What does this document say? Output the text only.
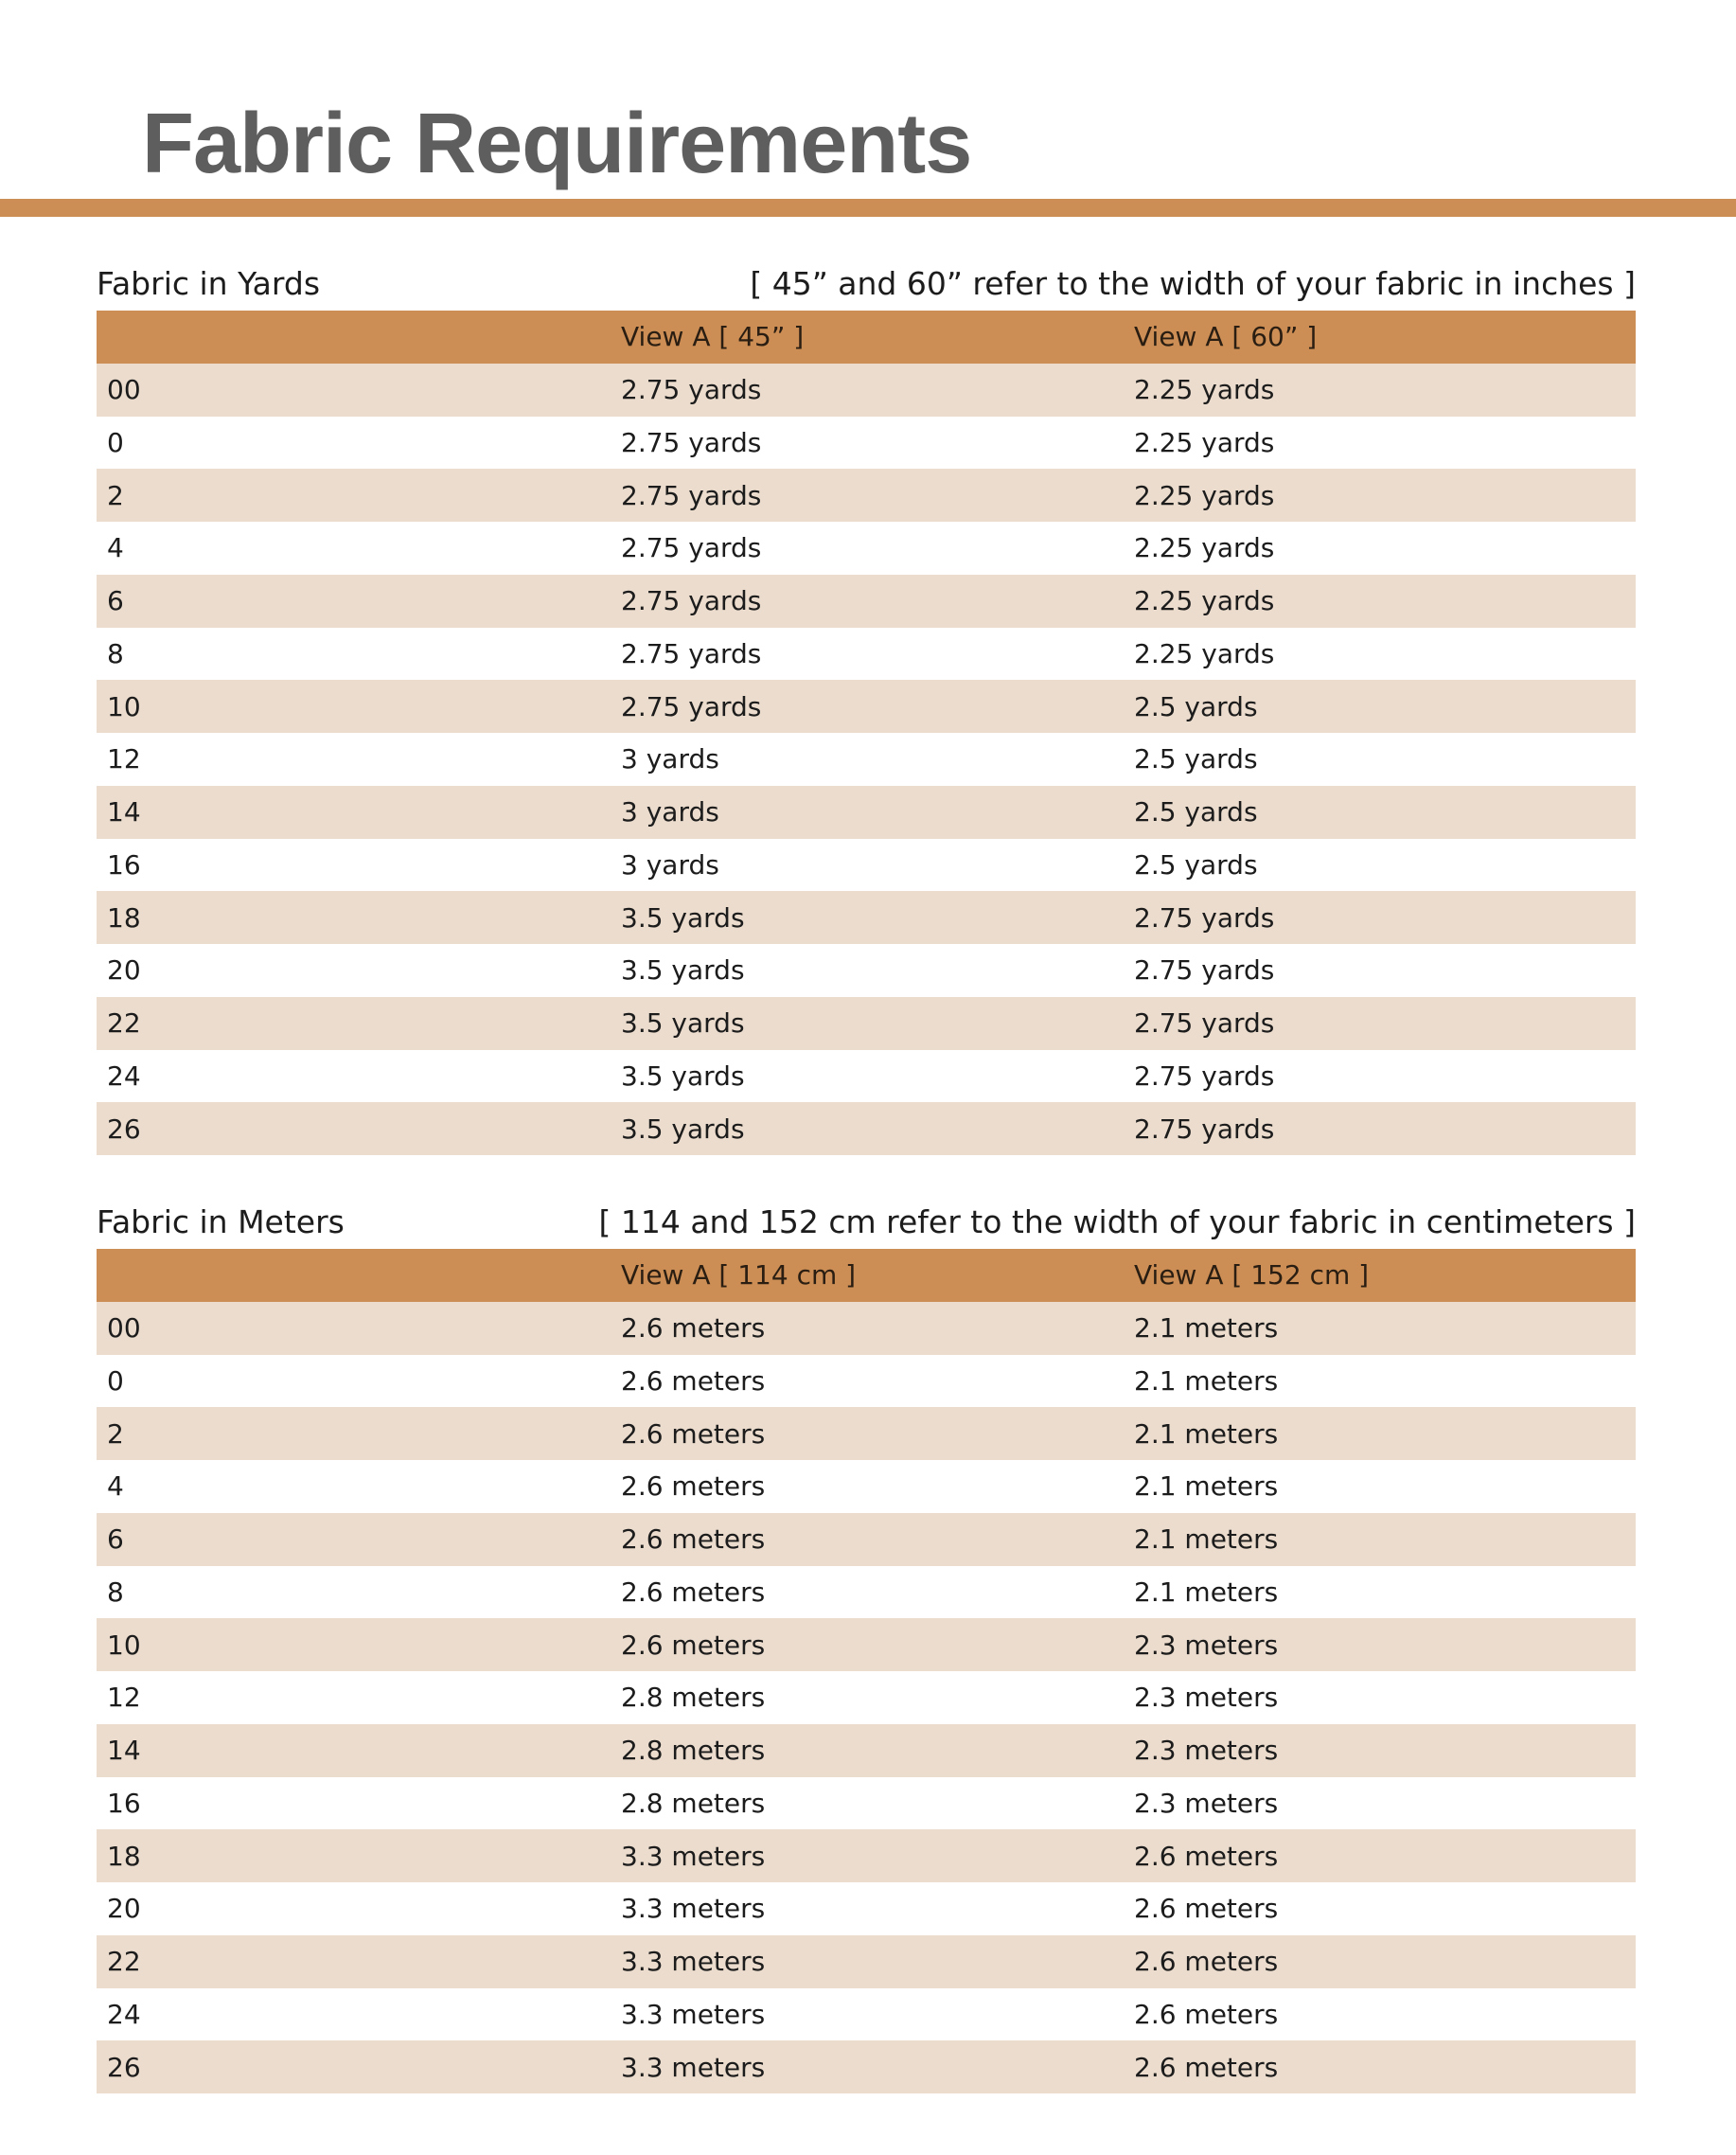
Fabric Requirements
Fabric in Yards	[ 45” and 60” refer to the width of your fabric in inches ]
	View A [ 45” ]	View A [ 60” ]
00	2.75 yards	2.25 yards
0	2.75 yards	2.25 yards
2	2.75 yards	2.25 yards
4	2.75 yards	2.25 yards
6	2.75 yards	2.25 yards
8	2.75 yards	2.25 yards
10	2.75 yards	2.5 yards
12	3 yards	2.5 yards
14	3 yards	2.5 yards
16	3 yards	2.5 yards
18	3.5 yards	2.75 yards
20	3.5 yards	2.75 yards
22	3.5 yards	2.75 yards
24	3.5 yards	2.75 yards
26	3.5 yards	2.75 yards
Fabric in Meters	[ 114 and 152 cm refer to the width of your fabric in centimeters ]
	View A [ 114 cm ]	View A [ 152 cm ]
00	2.6 meters	2.1 meters
0	2.6 meters	2.1 meters
2	2.6 meters	2.1 meters
4	2.6 meters	2.1 meters
6	2.6 meters	2.1 meters
8	2.6 meters	2.1 meters
10	2.6 meters	2.3 meters
12	2.8 meters	2.3 meters
14	2.8 meters	2.3 meters
16	2.8 meters	2.3 meters
18	3.3 meters	2.6 meters
20	3.3 meters	2.6 meters
22	3.3 meters	2.6 meters
24	3.3 meters	2.6 meters
26	3.3 meters	2.6 meters
